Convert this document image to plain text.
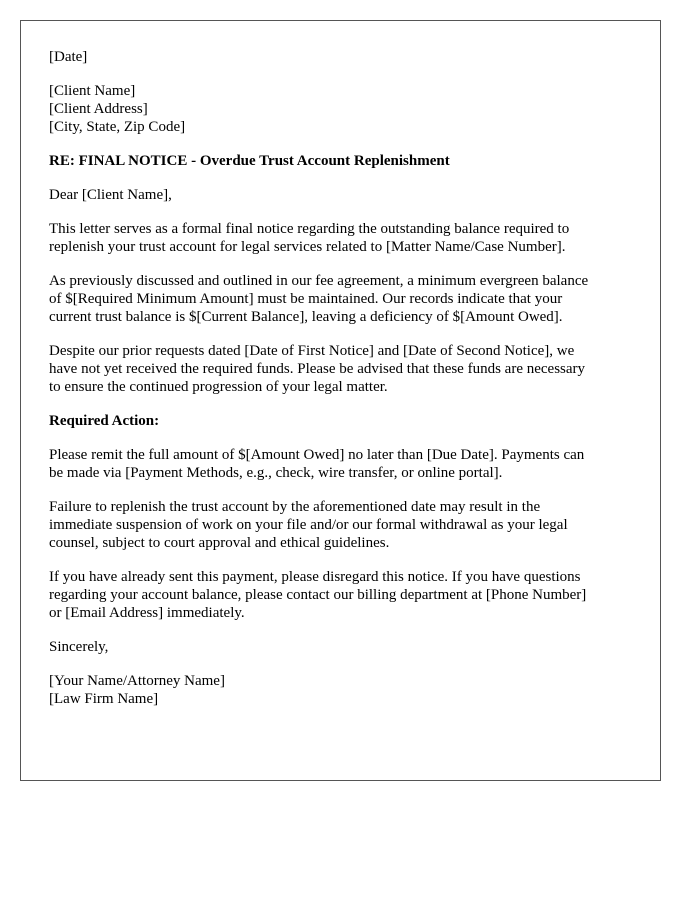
[Date]

[Client Name]
[Client Address]
[City, State, Zip Code]

RE: FINAL NOTICE - Overdue Trust Account Replenishment

Dear [Client Name],

This letter serves as a formal final notice regarding the outstanding balance required to
replenish your trust account for legal services related to [Matter Name/Case Number].

As previously discussed and outlined in our fee agreement, a minimum evergreen balance
of $[Required Minimum Amount] must be maintained. Our records indicate that your
current trust balance is $[Current Balance], leaving a deficiency of $[Amount Owed].

Despite our prior requests dated [Date of First Notice] and [Date of Second Notice], we
have not yet received the required funds. Please be advised that these funds are necessary
to ensure the continued progression of your legal matter.

Required Action:

Please remit the full amount of $[Amount Owed] no later than [Due Date]. Payments can
be made via [Payment Methods, e.g., check, wire transfer, or online portal].

Failure to replenish the trust account by the aforementioned date may result in the
immediate suspension of work on your file and/or our formal withdrawal as your legal
counsel, subject to court approval and ethical guidelines.

If you have already sent this payment, please disregard this notice. If you have questions
regarding your account balance, please contact our billing department at [Phone Number]
or [Email Address] immediately.

Sincerely,

[Your Name/Attorney Name]
[Law Firm Name]
